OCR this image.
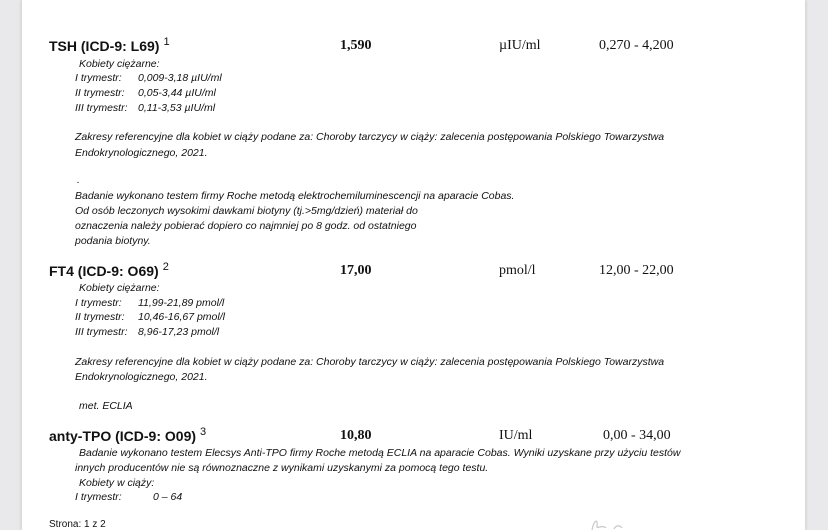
TSH (ICD-9: L69) $^1$	1,590	µIU/ml	0,270 - 4,200
Kobiety ciężarne:
I trymestr: 0,009-3,18 µIU/ml
II trymestr: 0,05-3,44 µIU/ml
III trymestr: 0,11-3,53 µIU/ml
Zakresy referencyjne dla kobiet w ciąży podane za: Choroby tarczycy w ciąży: zalecenia postępowania Polskiego Towarzystwa
Endokrynologicznego, 2021.
.
Badanie wykonano testem firmy Roche metodą elektrochemiluminescencji na aparacie Cobas.
Od osób leczonych wysokimi dawkami biotyny (tj.>5mg/dzień) materiał do
oznaczenia należy pobierać dopiero co najmniej po 8 godz. od ostatniego
podania biotyny.
FT4 (ICD-9: O69) $^2$	17,00	pmol/l	12,00 - 22,00
Kobiety ciężarne:
I trymestr: 11,99-21,89 pmol/l
II trymestr: 10,46-16,67 pmol/l
III trymestr: 8,96-17,23 pmol/l
Zakresy referencyjne dla kobiet w ciąży podane za: Choroby tarczycy w ciąży: zalecenia postępowania Polskiego Towarzystwa
Endokrynologicznego, 2021.
met. ECLIA
anty-TPO (ICD-9: O09) $^3$	10,80	IU/ml	0,00 - 34,00
Badanie wykonano testem Elecsys Anti-TPO firmy Roche metodą ECLIA na aparacie Cobas. Wyniki uzyskane przy użyciu testów
innych producentów nie są równoznaczne z wynikami uzyskanymi za pomocą tego testu.
Kobiety w ciąży:
I trymestr:	0 – 64
Strona: 1 z 2
